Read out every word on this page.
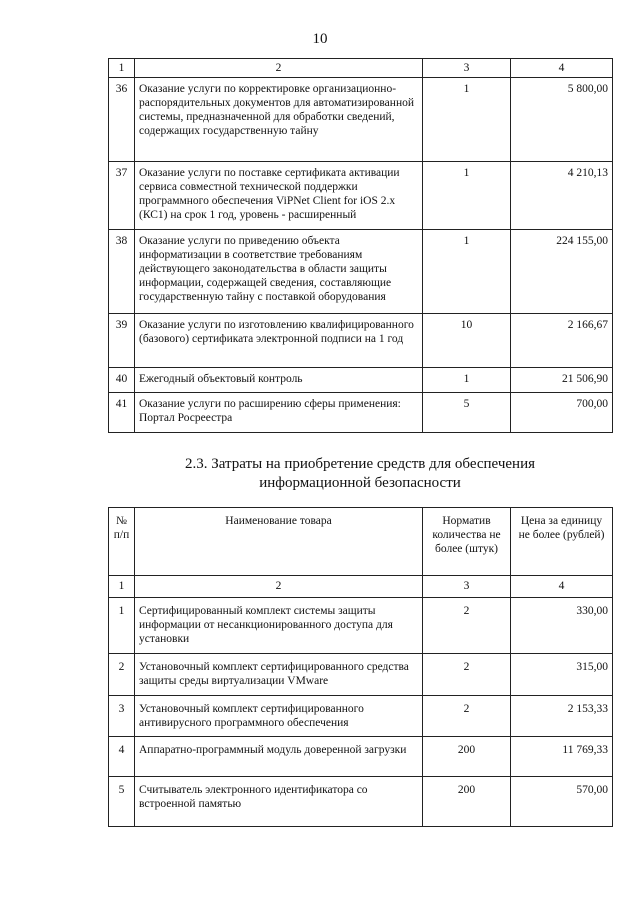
10
1	2	3	4
36	Оказание услуги по корректировке организационно-распорядительных документов для автоматизированной системы, предназначенной для обработки сведений, содержащих государственную тайну	1	5 800,00
37	Оказание услуги по поставке сертификата активации сервиса совместной технической поддержки программного обеспечения ViPNet Client for iOS 2.x (КС1) на срок 1 год, уровень - расширенный	1	4 210,13
38	Оказание услуги по приведению объекта информатизации в соответствие требованиям действующего законодательства в области защиты информации, содержащей сведения, составляющие государственную тайну с поставкой оборудования	1	224 155,00
39	Оказание услуги по изготовлению квалифицированного (базового) сертификата электронной подписи на 1 год	10	2 166,67
40	Ежегодный объектовый контроль	1	21 506,90
41	Оказание услуги по расширению сферы применения: Портал Росреестра	5	700,00
2.3. Затраты на приобретение средств для обеспечения информационной безопасности
№ п/п	Наименование товара	Норматив количества не более (штук)	Цена за единицу не более (рублей)
1	2	3	4
1	Сертифицированный комплект системы защиты информации от несанкционированного доступа для установки	2	330,00
2	Установочный комплект сертифицированного средства защиты среды виртуализации VMware	2	315,00
3	Установочный комплект сертифицированного антивирусного программного обеспечения	2	2 153,33
4	Аппаратно-программный модуль доверенной загрузки	200	11 769,33
5	Считыватель электронного идентификатора со встроенной памятью	200	570,00
